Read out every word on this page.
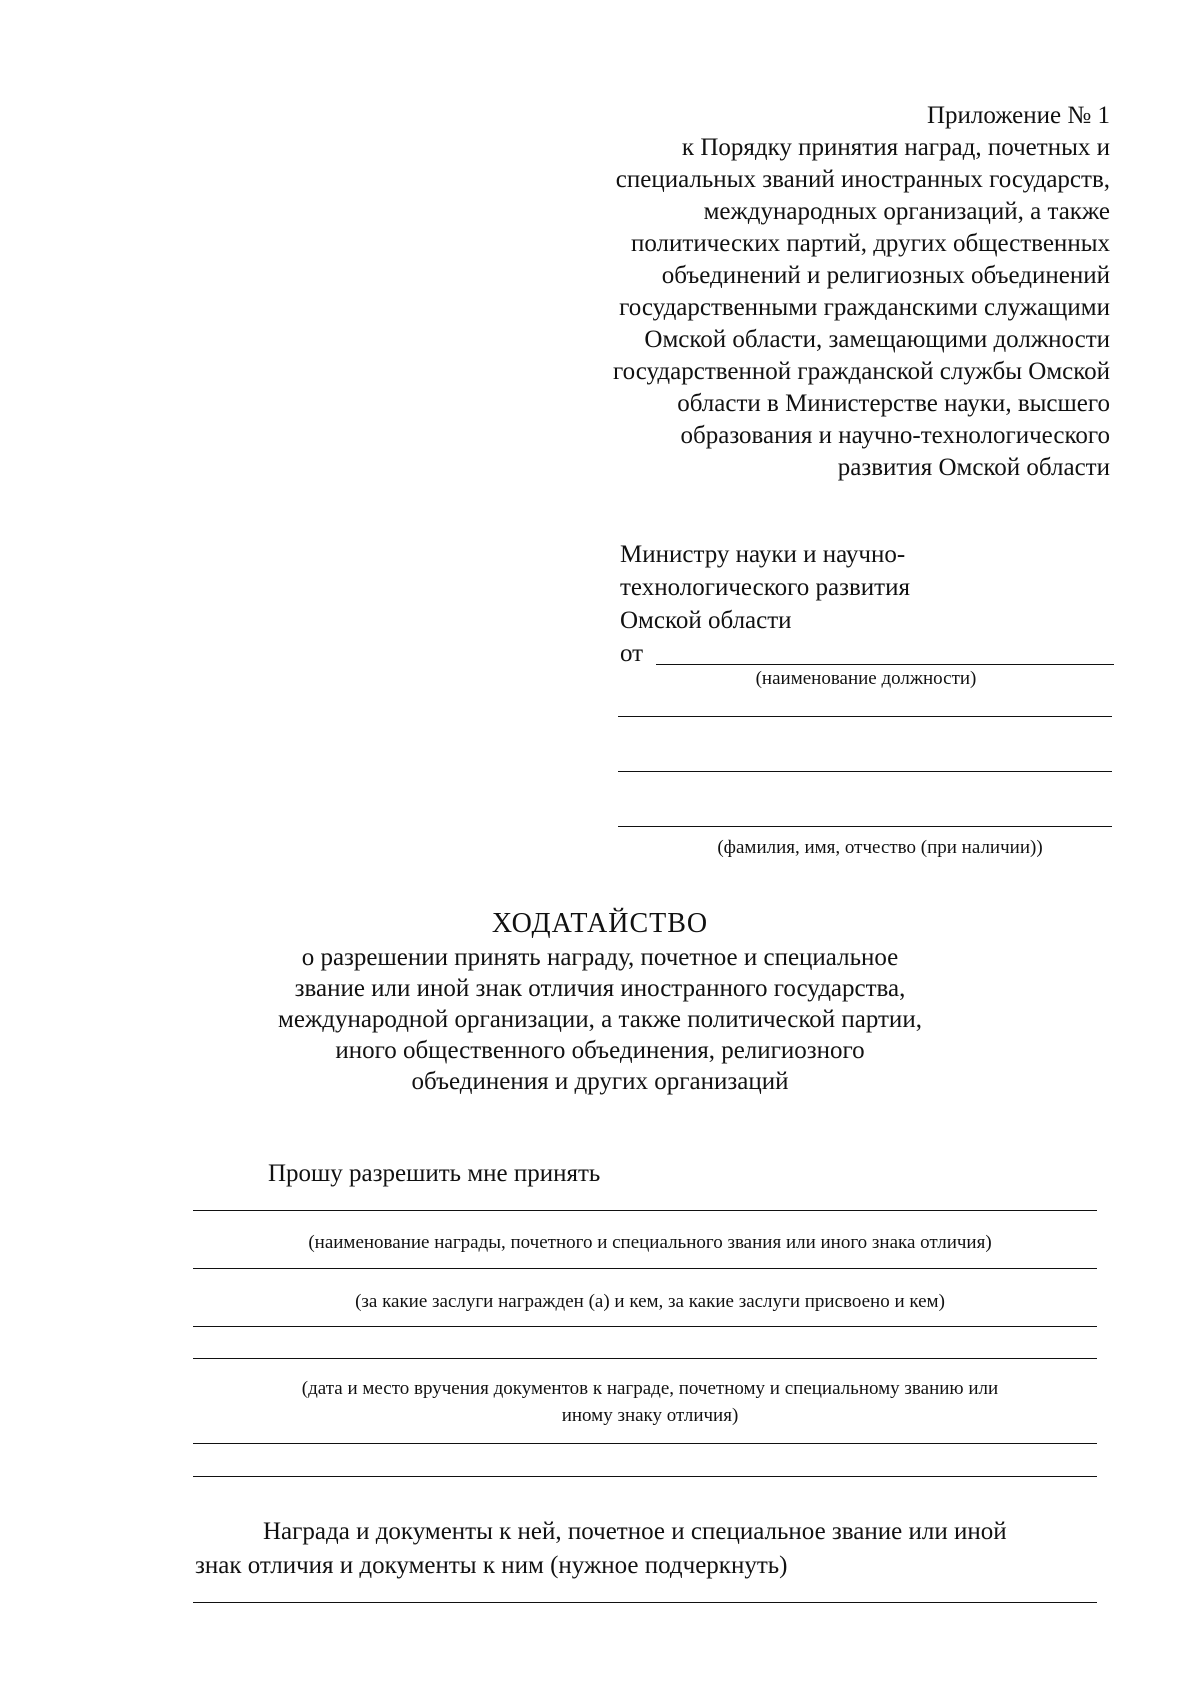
Приложение № 1
к Порядку принятия наград, почетных и
специальных званий иностранных государств,
международных организаций, а также
политических партий, других общественных
объединений и религиозных объединений
государственными гражданскими служащими
Омской области, замещающими должности
государственной гражданской службы Омской
области в Министерстве науки, высшего
образования и научно-технологического
развития Омской области
Министру науки и научно-
технологического развития
Омской области
от
(наименование должности)
(фамилия, имя, отчество (при наличии))
ХОДАТАЙСТВО
о разрешении принять награду, почетное и специальное
звание или иной знак отличия иностранного государства,
международной организации, а также политической партии,
иного общественного объединения, религиозного
объединения и других организаций
Прошу разрешить мне принять
(наименование награды, почетного и специального звания или иного знака отличия)
(за какие заслуги награжден (а) и кем, за какие заслуги присвоено и кем)
(дата и место вручения документов к награде, почетному и специальному званию или
иному знаку отличия)
Награда и документы к ней, почетное и специальное звание или иной
знак отличия и документы к ним (нужное подчеркнуть)
